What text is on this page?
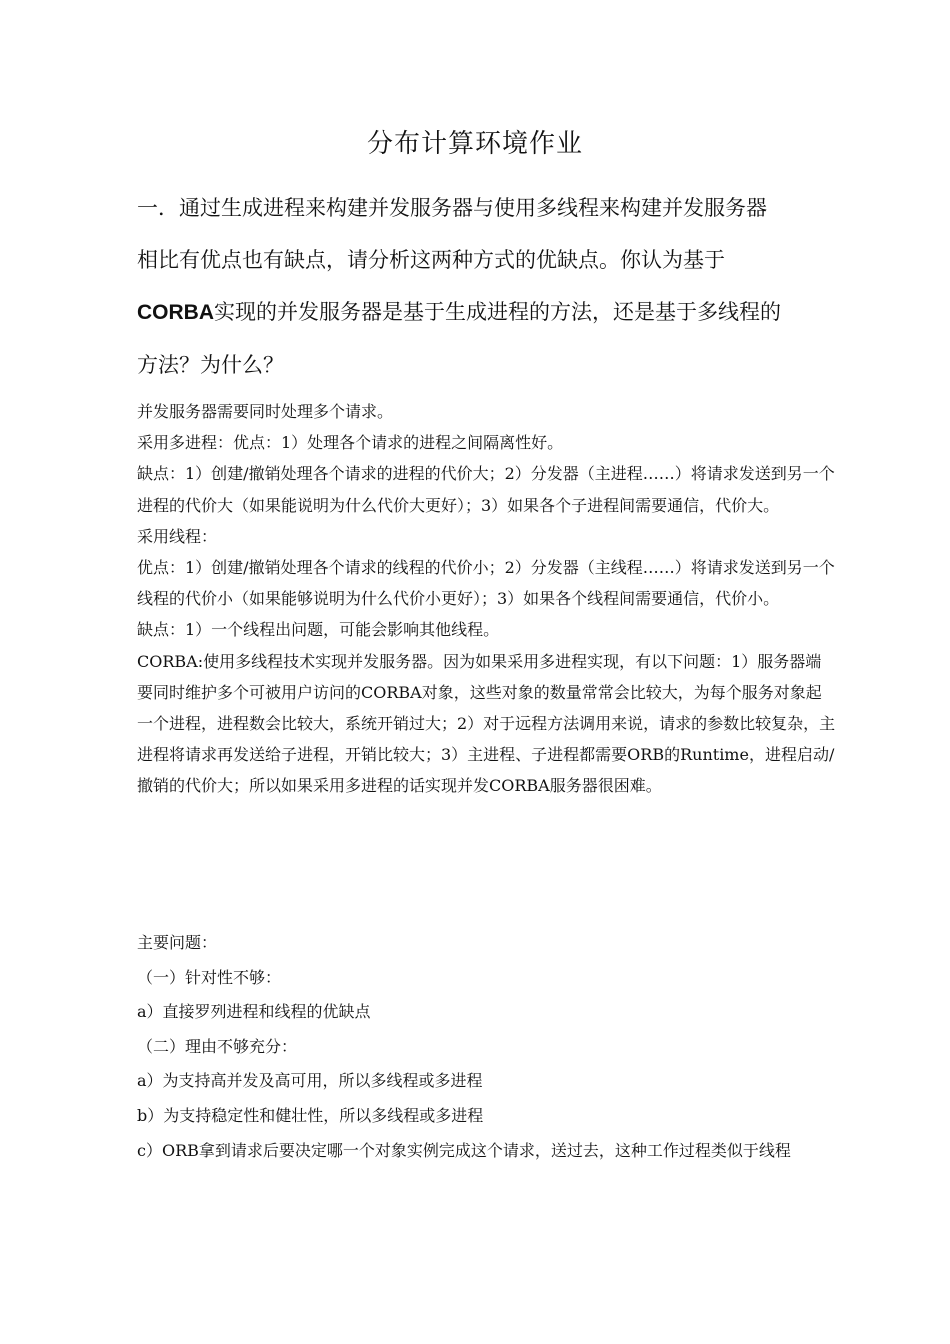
分布计算环境作业
一．通过生成进程来构建并发服务器与使用多线程来构建并发服务器
相比有优点也有缺点，请分析这两种方式的优缺点。你认为基于
CORBA实现的并发服务器是基于生成进程的方法，还是基于多线程的
方法？为什么？

并发服务器需要同时处理多个请求。

采用多进程：优点：1）处理各个请求的进程之间隔离性好。

缺点：1）创建/撤销处理各个请求的进程的代价大；2）分发器（主进程……）将请求发送到另一个进程的代价大（如果能说明为什么代价大更好）；3）如果各个子进程间需要通信，代价大。

采用线程：

优点：1）创建/撤销处理各个请求的线程的代价小；2）分发器（主线程……）将请求发送到另一个线程的代价小（如果能够说明为什么代价小更好）；3）如果各个线程间需要通信，代价小。

缺点：1）一个线程出问题，可能会影响其他线程。

CORBA:使用多线程技术实现并发服务器。因为如果采用多进程实现，有以下问题：1）服务器端要同时维护多个可被用户访问的CORBA对象，这些对象的数量常常会比较大，为每个服务对象起一个进程，进程数会比较大，系统开销过大；2）对于远程方法调用来说，请求的参数比较复杂，主进程将请求再发送给子进程，开销比较大；3）主进程、子进程都需要ORB的Runtime，进程启动/撤销的代价大；所以如果采用多进程的话实现并发CORBA服务器很困难。

主要问题：

（一）针对性不够：

a）直接罗列进程和线程的优缺点

（二）理由不够充分：

a）为支持高并发及高可用，所以多线程或多进程

b）为支持稳定性和健壮性，所以多线程或多进程

c）ORB拿到请求后要决定哪一个对象实例完成这个请求，送过去，这种工作过程类似于线程
